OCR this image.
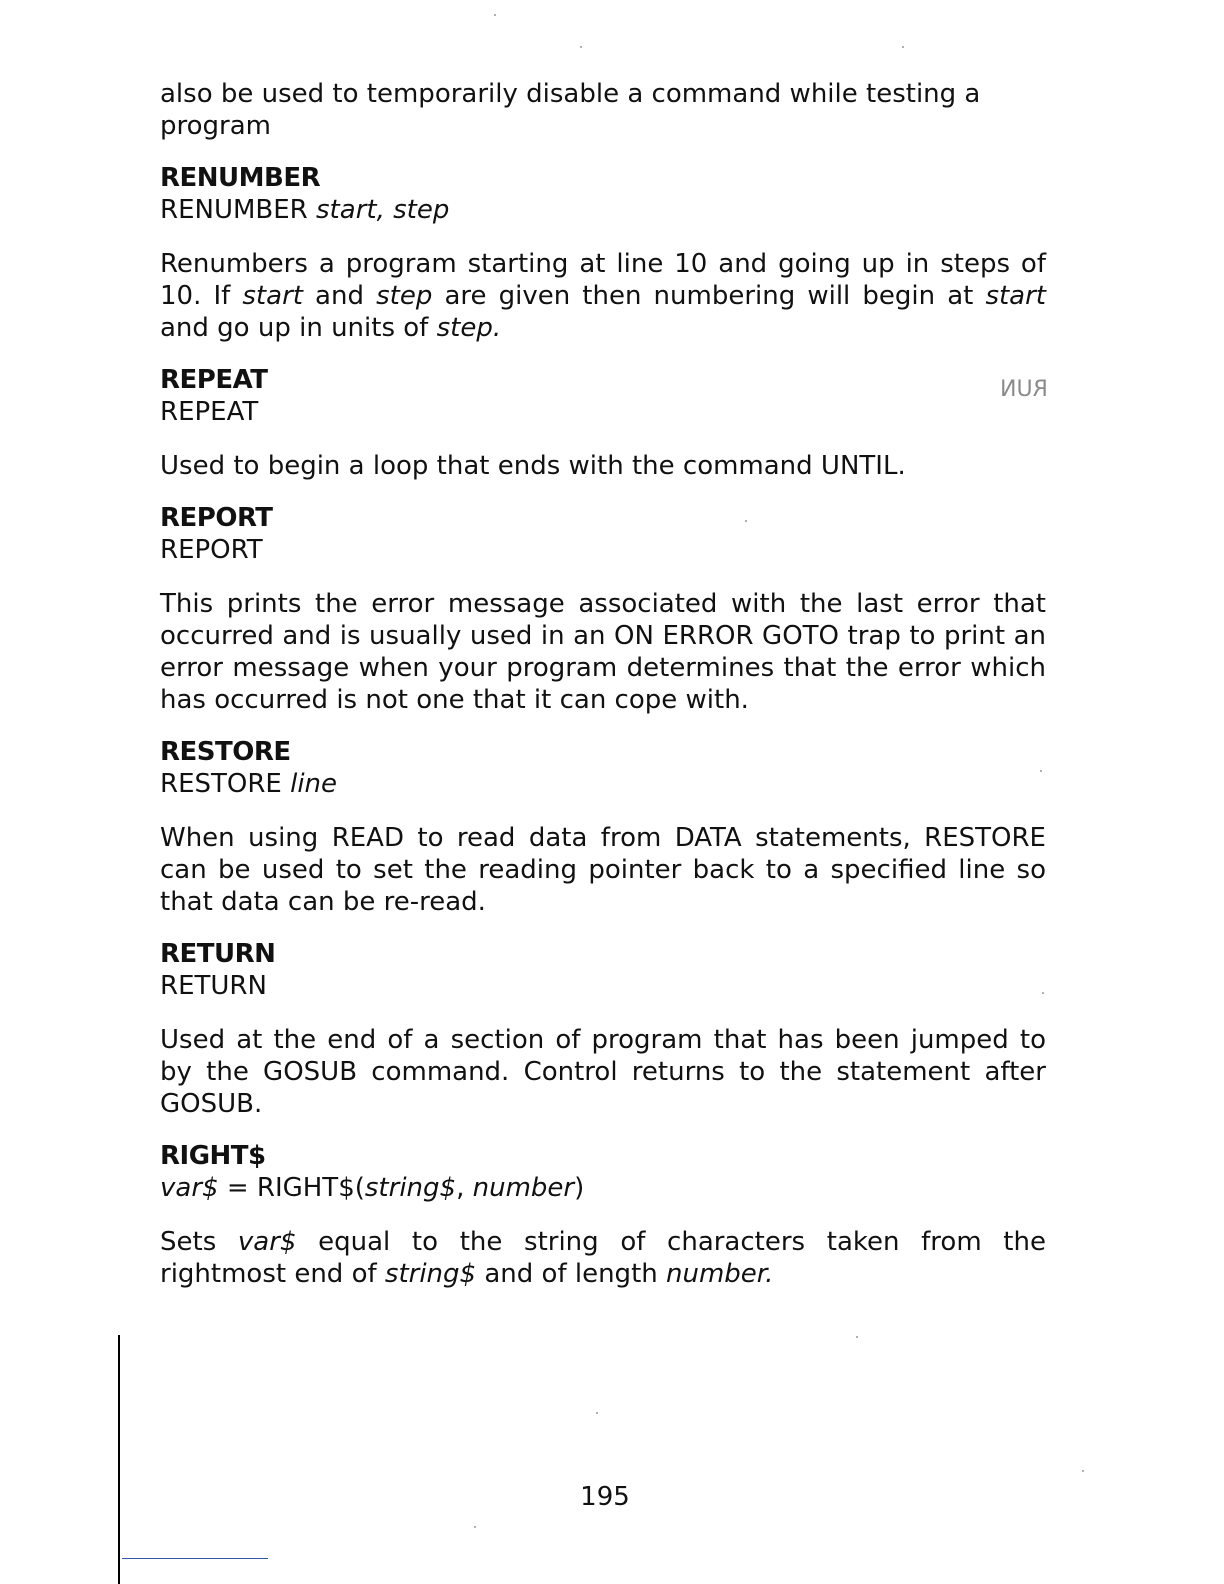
also be used to temporarily disable a command while testing a
program

RENUMBER

RENUMBER start, step

Renumbers a program starting at line 10 and going up in steps of 10. If start and step are given then numbering will begin at start and go up in units of step.

REPEAT

REPEAT

Used to begin a loop that ends with the command UNTIL.

REPORT

REPORT

This prints the error message associated with the last error that occurred and is usually used in an ON ERROR GOTO trap to print an error message when your program determines that the error which has occurred is not one that it can cope with.

RESTORE

RESTORE line

When using READ to read data from DATA statements, RESTORE can be used to set the reading pointer back to a specified line so that data can be re-read.

RETURN

RETURN

Used at the end of a section of program that has been jumped to by the GOSUB command. Control returns to the statement after GOSUB.

RIGHT$

var$ = RIGHT$(string$, number)

Sets var$ equal to the string of characters taken from the rightmost end of string$ and of length number.

RUN
195
